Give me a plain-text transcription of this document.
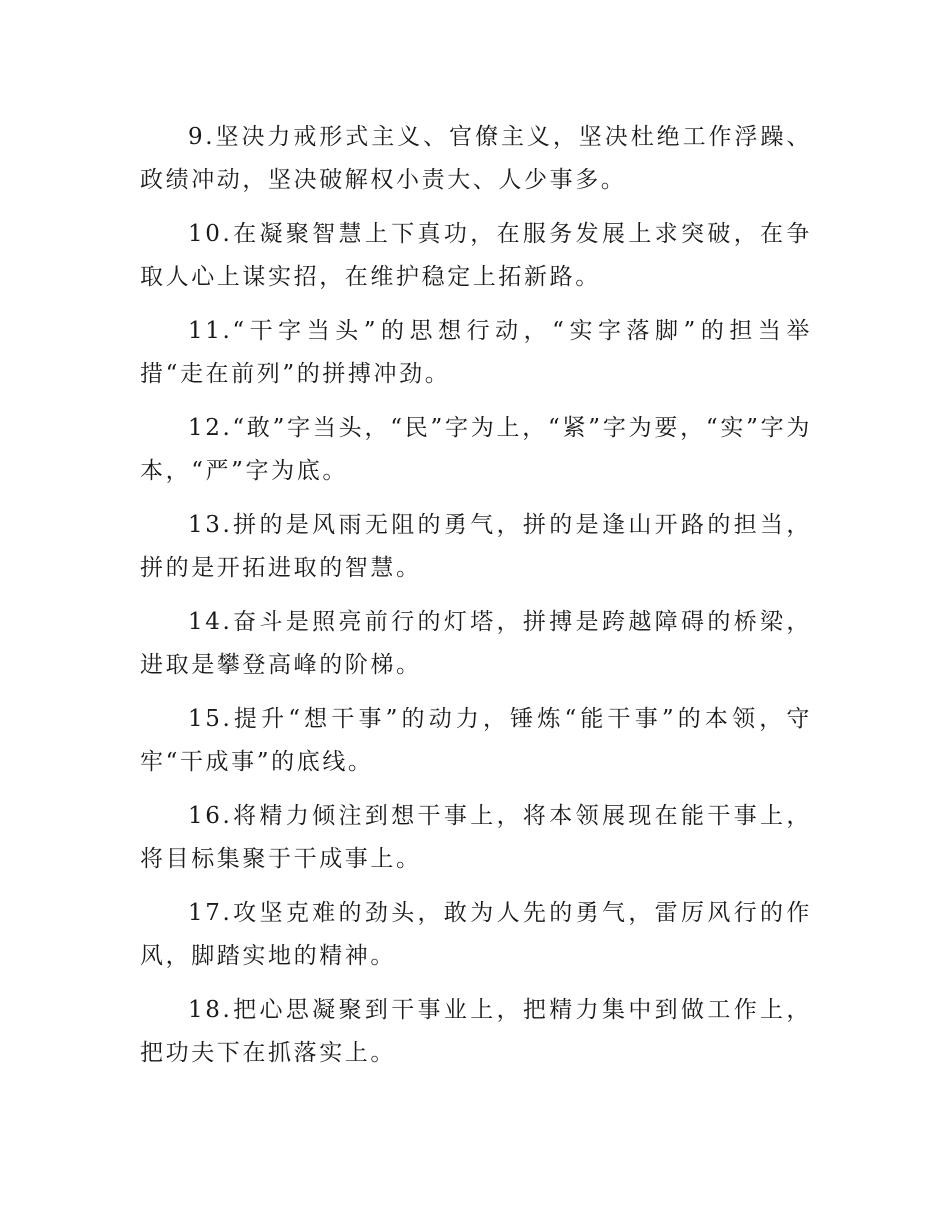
9.坚决力戒形式主义、官僚主义，坚决杜绝工作浮躁、政绩冲动，坚决破解权小责大、人少事多。

10.在凝聚智慧上下真功，在服务发展上求突破，在争取人心上谋实招，在维护稳定上拓新路。

11.“干字当头”的思想行动，“实字落脚”的担当举措“走在前列”的拼搏冲劲。

12.“敢”字当头，“民”字为上，“紧”字为要，“实”字为本，“严”字为底。

13.拼的是风雨无阻的勇气，拼的是逢山开路的担当，拼的是开拓进取的智慧。

14.奋斗是照亮前行的灯塔，拼搏是跨越障碍的桥梁，进取是攀登高峰的阶梯。

15.提升“想干事”的动力，锤炼“能干事”的本领，守牢“干成事”的底线。

16.将精力倾注到想干事上，将本领展现在能干事上，将目标集聚于干成事上。

17.攻坚克难的劲头，敢为人先的勇气，雷厉风行的作风，脚踏实地的精神。

18.把心思凝聚到干事业上，把精力集中到做工作上，把功夫下在抓落实上。
